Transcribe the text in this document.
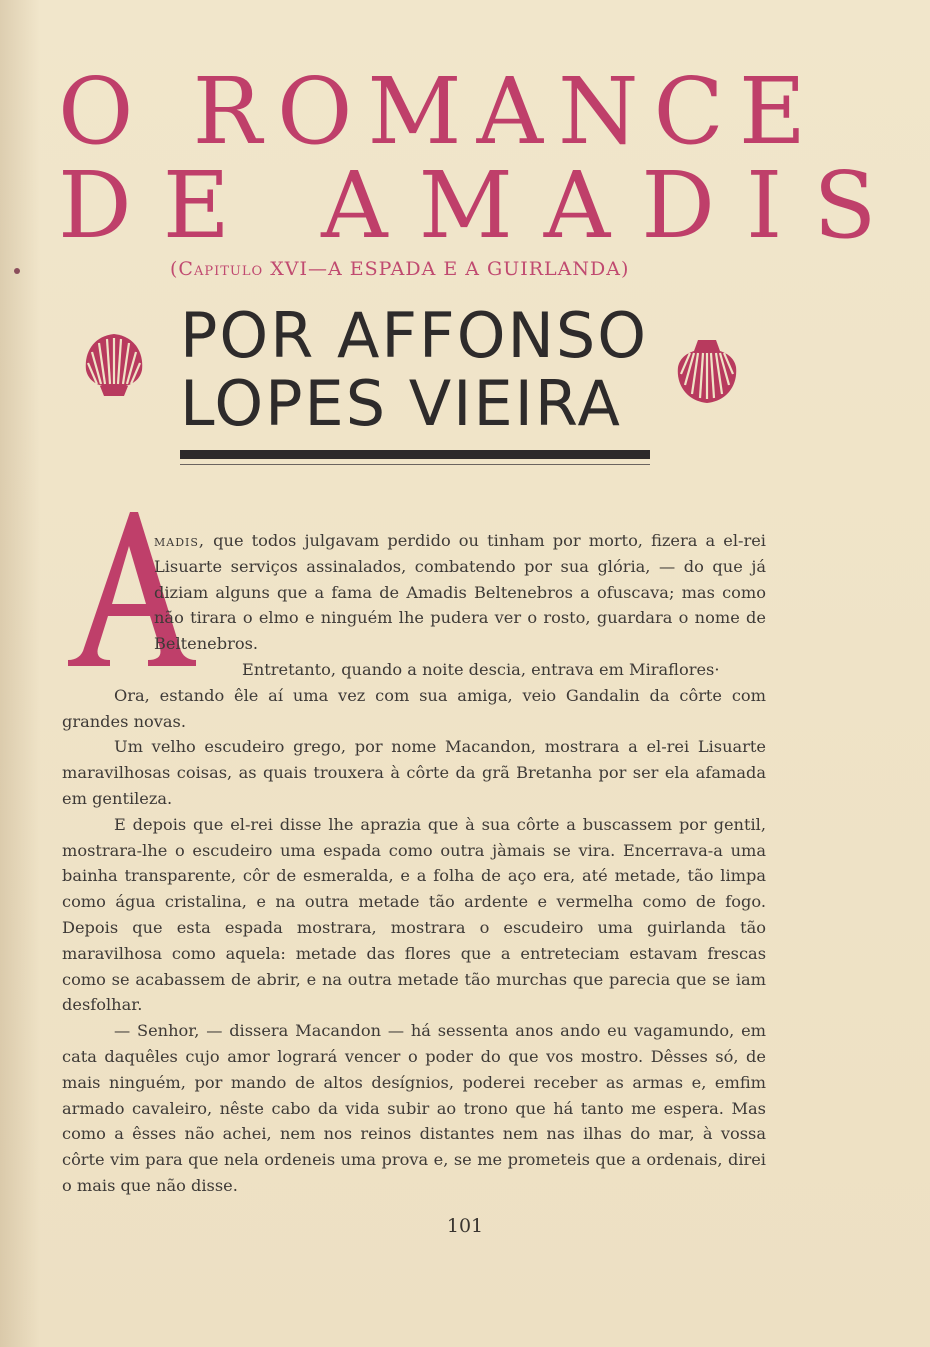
O ROMANCE
DE AMADIS
(Capitulo XVI—A ESPADA E A GUIRLANDA)
POR AFFONSO
LOPES VIEIRA

madis, que todos julgavam perdido ou tinham por morto, fizera a el-rei Lisuarte serviços assinalados, combatendo por sua glória, — do que já diziam alguns que a fama de Amadis Beltenebros a ofuscava; mas como não tirara o elmo e ninguém lhe pudera ver o rosto, guardara o nome de Beltenebros.

Entretanto, quando a noite descia, entrava em Miraflores·

Ora, estando êle aí uma vez com sua amiga, veio Gandalin da côrte com grandes novas.

Um velho escudeiro grego, por nome Macandon, mostrara a el-rei Lisuarte maravilhosas coisas, as quais trouxera à côrte da grã Bretanha por ser ela afamada em gentileza.

E depois que el-rei disse lhe aprazia que à sua côrte a buscassem por gentil, mostrara-lhe o escudeiro uma espada como outra jàmais se vira. Encerrava-a uma bainha transparente, côr de esmeralda, e a folha de aço era, até metade, tão limpa como água cristalina, e na outra metade tão ardente e vermelha como de fogo. Depois que esta espada mostrara, mostrara o escudeiro uma guirlanda tão maravilhosa como aquela: metade das flores que a entreteciam estavam frescas como se acabassem de abrir, e na outra metade tão murchas que parecia que se iam desfolhar.

— Senhor, — dissera Macandon — há sessenta anos ando eu vagamundo, em cata daquêles cujo amor logrará vencer o poder do que vos mostro. Dêsses só, de mais ninguém, por mando de altos desígnios, poderei receber as armas e, emfim armado cavaleiro, nêste cabo da vida subir ao trono que há tanto me espera. Mas como a êsses não achei, nem nos reinos distantes nem nas ilhas do mar, à vossa côrte vim para que nela ordeneis uma prova e, se me prometeis que a ordenais, direi o mais que não disse.

101
